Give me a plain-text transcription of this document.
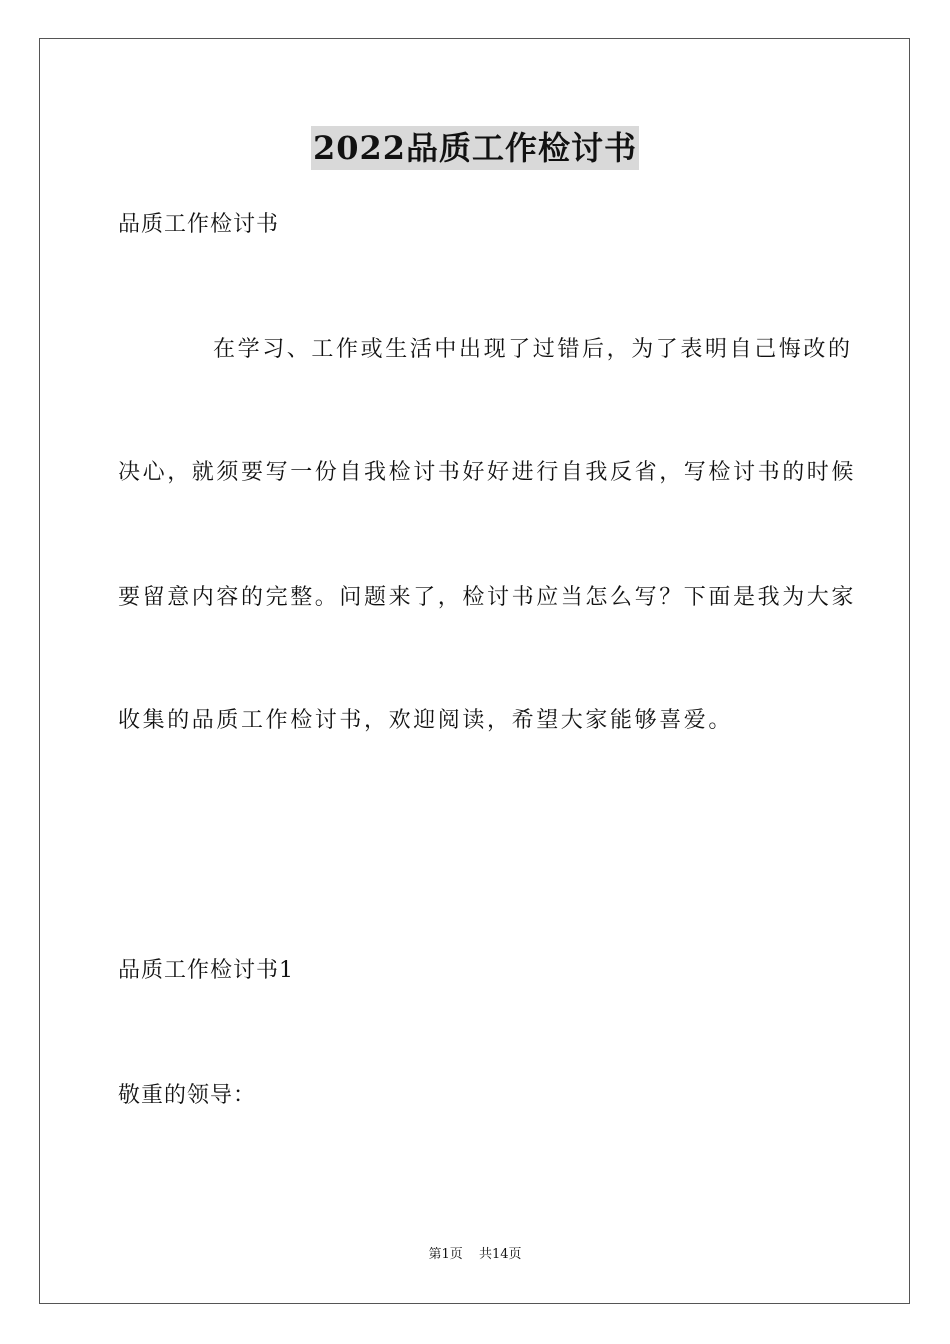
2022品质工作检讨书
品质工作检讨书
在学习、工作或生活中出现了过错后，为了表明自己悔改的
决心，就须要写一份自我检讨书好好进行自我反省，写检讨书的时候
要留意内容的完整。问题来了，检讨书应当怎么写？下面是我为大家
收集的品质工作检讨书，欢迎阅读，希望大家能够喜爱。
品质工作检讨书1
敬重的领导：
第1页 共14页
